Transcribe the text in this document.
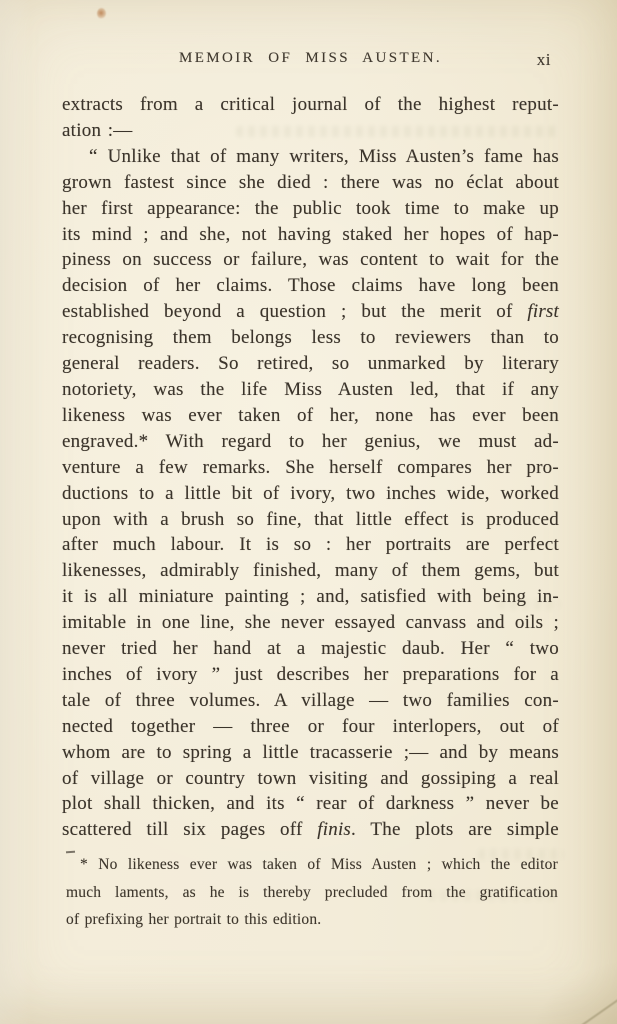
MEMOIR OF MISS AUSTEN.	xi
extracts from a critical journal of the highest reput-
ation :—
“ Unlike that of many writers, Miss Austen’s fame has
grown fastest since she died : there was no éclat about
her first appearance: the public took time to make up
its mind ; and she, not having staked her hopes of hap-
piness on success or failure, was content to wait for the
decision of her claims. Those claims have long been
established beyond a question ; but the merit of first
recognising them belongs less to reviewers than to
general readers. So retired, so unmarked by literary
notoriety, was the life Miss Austen led, that if any
likeness was ever taken of her, none has ever been
engraved.* With regard to her genius, we must ad-
venture a few remarks. She herself compares her pro-
ductions to a little bit of ivory, two inches wide, worked
upon with a brush so fine, that little effect is produced
after much labour. It is so : her portraits are perfect
likenesses, admirably finished, many of them gems, but
it is all miniature painting ; and, satisfied with being in-
imitable in one line, she never essayed canvass and oils ;
never tried her hand at a majestic daub. Her “ two
inches of ivory ” just describes her preparations for a
tale of three volumes. A village — two families con-
nected together — three or four interlopers, out of
whom are to spring a little tracasserie ;— and by means
of village or country town visiting and gossiping a real
plot shall thicken, and its “ rear of darkness ” never be
scattered till six pages off finis. The plots are simple
* No likeness ever was taken of Miss Austen ; which the editor
much laments, as he is thereby precluded from the gratification
of prefixing her portrait to this edition.
